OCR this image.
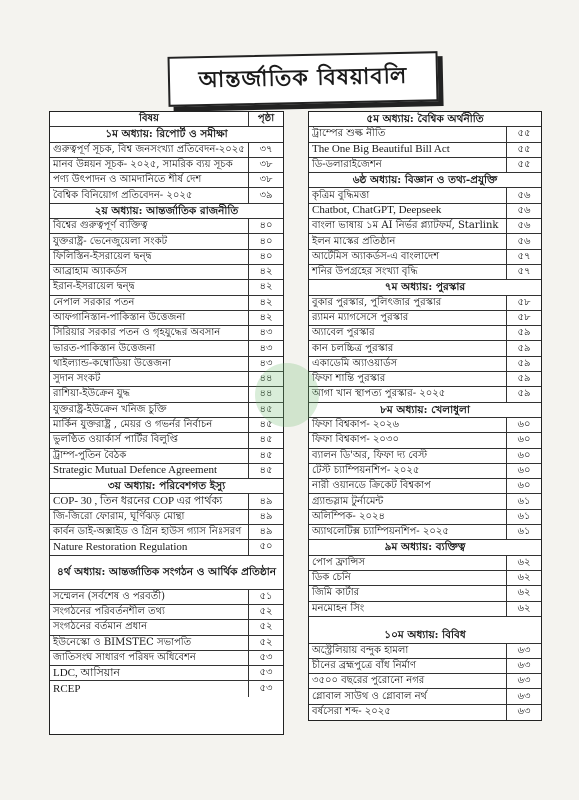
আন্তর্জাতিক বিষয়াবলি
বিষয়	পৃষ্ঠা
১ম অধ্যায়: রিপোর্ট ও সমীক্ষা
গুরুত্বপূর্ণ সূচক, বিশ্ব জনসংখ্যা প্রতিবেদন-২০২৫	৩৭
মানব উন্নয়ন সূচক- ২০২৫, সামরিক ব্যয় সূচক	৩৮
পণ্য উৎপাদন ও আমদানিতে শীর্ষ দেশ	৩৮
বৈশ্বিক বিনিয়োগ প্রতিবেদন- ২০২৫	৩৯
২য় অধ্যায়: আন্তর্জাতিক রাজনীতি
বিশ্বের গুরুত্বপূর্ণ ব্যক্তিত্ব	৪০
যুক্তরাষ্ট্র- ভেনেজুয়েলা সংকট	৪০
ফিলিস্তিন-ইসরায়েল দ্বন্দ্ব	৪০
আব্রাহাম অ্যাকর্ডস	৪২
ইরান-ইসরায়েল দ্বন্দ্ব	৪২
নেপাল সরকার পতন	৪২
আফগানিস্তান-পাকিস্তান উত্তেজনা	৪২
সিরিয়ার সরকার পতন ও গৃহযুদ্ধের অবসান	৪৩
ভারত-পাকিস্তান উত্তেজনা	৪৩
থাইল্যান্ড-কম্বোডিয়া উত্তেজনা	৪৩
সুদান সংকট	৪৪
রাশিয়া-ইউক্রেন যুদ্ধ	৪৪
যুক্তরাষ্ট্র-ইউক্রেন খনিজ চুক্তি	৪৫
মার্কিন যুক্তরাষ্ট্র , মেয়র ও গভর্নর নির্বাচন	৪৫
ভুলণ্ঠিত ওয়ার্কার্স পার্টির বিলুপ্তি	৪৫
ট্রাম্প-পুতিন বৈঠক	৪৫
Strategic Mutual Defence Agreement	৪৫
৩য় অধ্যায়: পরিবেশগত ইস্যু
COP- 30 , তিন ধরনের COP এর পার্থক্য	৪৯
জি-জিরো ফোরাম, ঘূর্ণিঝড় মোন্থা	৪৯
কার্বন ডাই-অক্সাইড ও গ্রিন হাউস গ্যাস নিঃসরণ	৪৯
Nature Restoration Regulation	৫০
৪র্থ অধ্যায়: আন্তর্জাতিক সংগঠন ও আর্থিক প্রতিষ্ঠান
সম্মেলন (সর্বশেষ ও পরবর্তী)	৫১
সংগঠনের পরিবর্তনশীল তথ্য	৫২
সংগঠনের বর্তমান প্রধান	৫২
ইউনেস্কো ও BIMSTEC সভাপতি	৫২
জাতিসংঘ সাধারণ পরিষদ অধিবেশন	৫৩
LDC, আসিয়ান	৫৩
RCEP	৫৩
৫ম অধ্যায়: বৈশ্বিক অর্থনীতি
ট্রাম্পের শুল্ক নীতি	৫৫
The One Big Beautiful Bill Act	৫৫
ডি-ডলারাইজেশন	৫৫
৬ষ্ঠ অধ্যায়: বিজ্ঞান ও তথ্য-প্রযুক্তি
কৃত্রিম বুদ্ধিমত্তা	৫৬
Chatbot, ChatGPT, Deepseek	৫৬
বাংলা ভাষায় ১ম AI নির্ভর প্ল্যাটফর্ম, Starlink	৫৬
ইলন মাস্কের প্রতিষ্ঠান	৫৬
আর্টেমিস অ্যাকর্ডস-এ বাংলাদেশ	৫৭
শনির উপগ্রহের সংখ্যা বৃদ্ধি	৫৭
৭ম অধ্যায়: পুরস্কার
বুকার পুরস্কার, পুলিৎজার পুরস্কার	৫৮
র‍্যামন ম্যাগসেসে পুরস্কার	৫৮
অ্যাবেল পুরস্কার	৫৯
কান চলচ্চিত্র পুরস্কার	৫৯
একাডেমি অ্যাওয়ার্ডস	৫৯
ফিফা শান্তি পুরস্কার	৫৯
আগা খান স্থাপত্য পুরস্কার- ২০২৫	৫৯
৮ম অধ্যায়: খেলাধুলা
ফিফা বিশ্বকাপ- ২০২৬	৬০
ফিফা বিশ্বকাপ- ২০৩০	৬০
ব্যালন ডি'অর, ফিফা দ্য বেস্ট	৬০
টেস্ট চ্যাম্পিয়নশিপ- ২০২৫	৬০
নারী ওয়ানডে ক্রিকেট বিশ্বকাপ	৬০
গ্র্যান্ডস্লাম টুর্নামেন্ট	৬১
অলিম্পিক- ২০২৪	৬১
অ্যাথলেটিক্স চ্যাম্পিয়নশিপ- ২০২৫	৬১
৯ম অধ্যায়: ব্যক্তিত্ব
পোপ ফ্রান্সিস	৬২
ডিক চেনি	৬২
জিমি কার্টার	৬২
মনমোহন সিং	৬২
১০ম অধ্যায়: বিবিধ
অস্ট্রেলিয়ায় বন্দুক হামলা	৬৩
চীনের ব্রহ্মপুত্রে বাঁধ নির্মাণ	৬৩
৩৫০০ বছরের পুরোনো নগর	৬৩
গ্লোবাল সাউথ ও গ্লোবাল নর্থ	৬৩
বর্ষসেরা শব্দ- ২০২৫	৬৩
